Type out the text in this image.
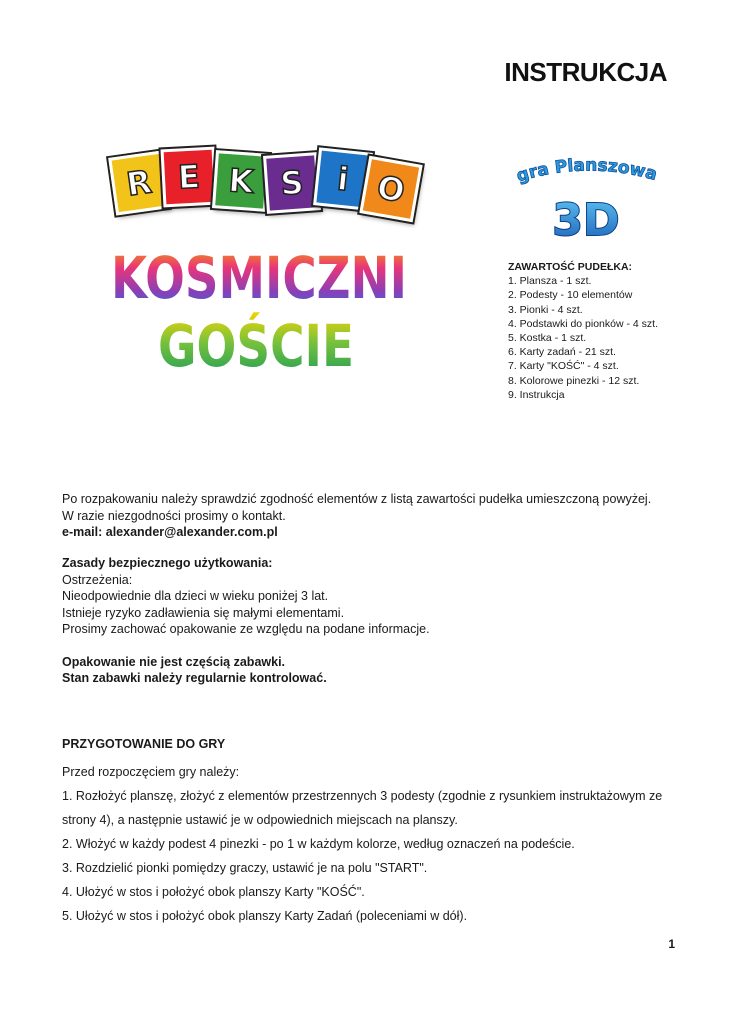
INSTRUKCJA
R E K S i O
KOSMICZNI
GOŚCIE
gra Planszowa
3D
ZAWARTOŚĆ PUDEŁKA:
1. Plansza - 1 szt.
2. Podesty - 10 elementów
3. Pionki - 4 szt.
4. Podstawki do pionków - 4 szt.
5. Kostka - 1 szt.
6. Karty zadań - 21 szt.
7. Karty "KOŚĆ" - 4 szt.
8. Kolorowe pinezki - 12 szt.
9. Instrukcja
Po rozpakowaniu należy sprawdzić zgodność elementów z listą zawartości pudełka umieszczoną powyżej.
W razie niezgodności prosimy o kontakt.
e-mail: alexander@alexander.com.pl
Zasady bezpiecznego użytkowania:
Ostrzeżenia:
Nieodpowiednie dla dzieci w wieku poniżej 3 lat.
Istnieje ryzyko zadławienia się małymi elementami.
Prosimy zachować opakowanie ze względu na podane informacje.
Opakowanie nie jest częścią zabawki.
Stan zabawki należy regularnie kontrolować.
PRZYGOTOWANIE DO GRY
Przed rozpoczęciem gry należy:
1. Rozłożyć planszę, złożyć z elementów przestrzennych 3 podesty (zgodnie z rysunkiem instruktażowym ze
strony 4), a następnie ustawić je w odpowiednich miejscach na planszy.
2. Włożyć w każdy podest 4 pinezki - po 1 w każdym kolorze, według oznaczeń na podeście.
3. Rozdzielić pionki pomiędzy graczy, ustawić je na polu "START".
4. Ułożyć w stos i położyć obok planszy Karty "KOŚĆ".
5. Ułożyć w stos i położyć obok planszy Karty Zadań (poleceniami w dół).
1
